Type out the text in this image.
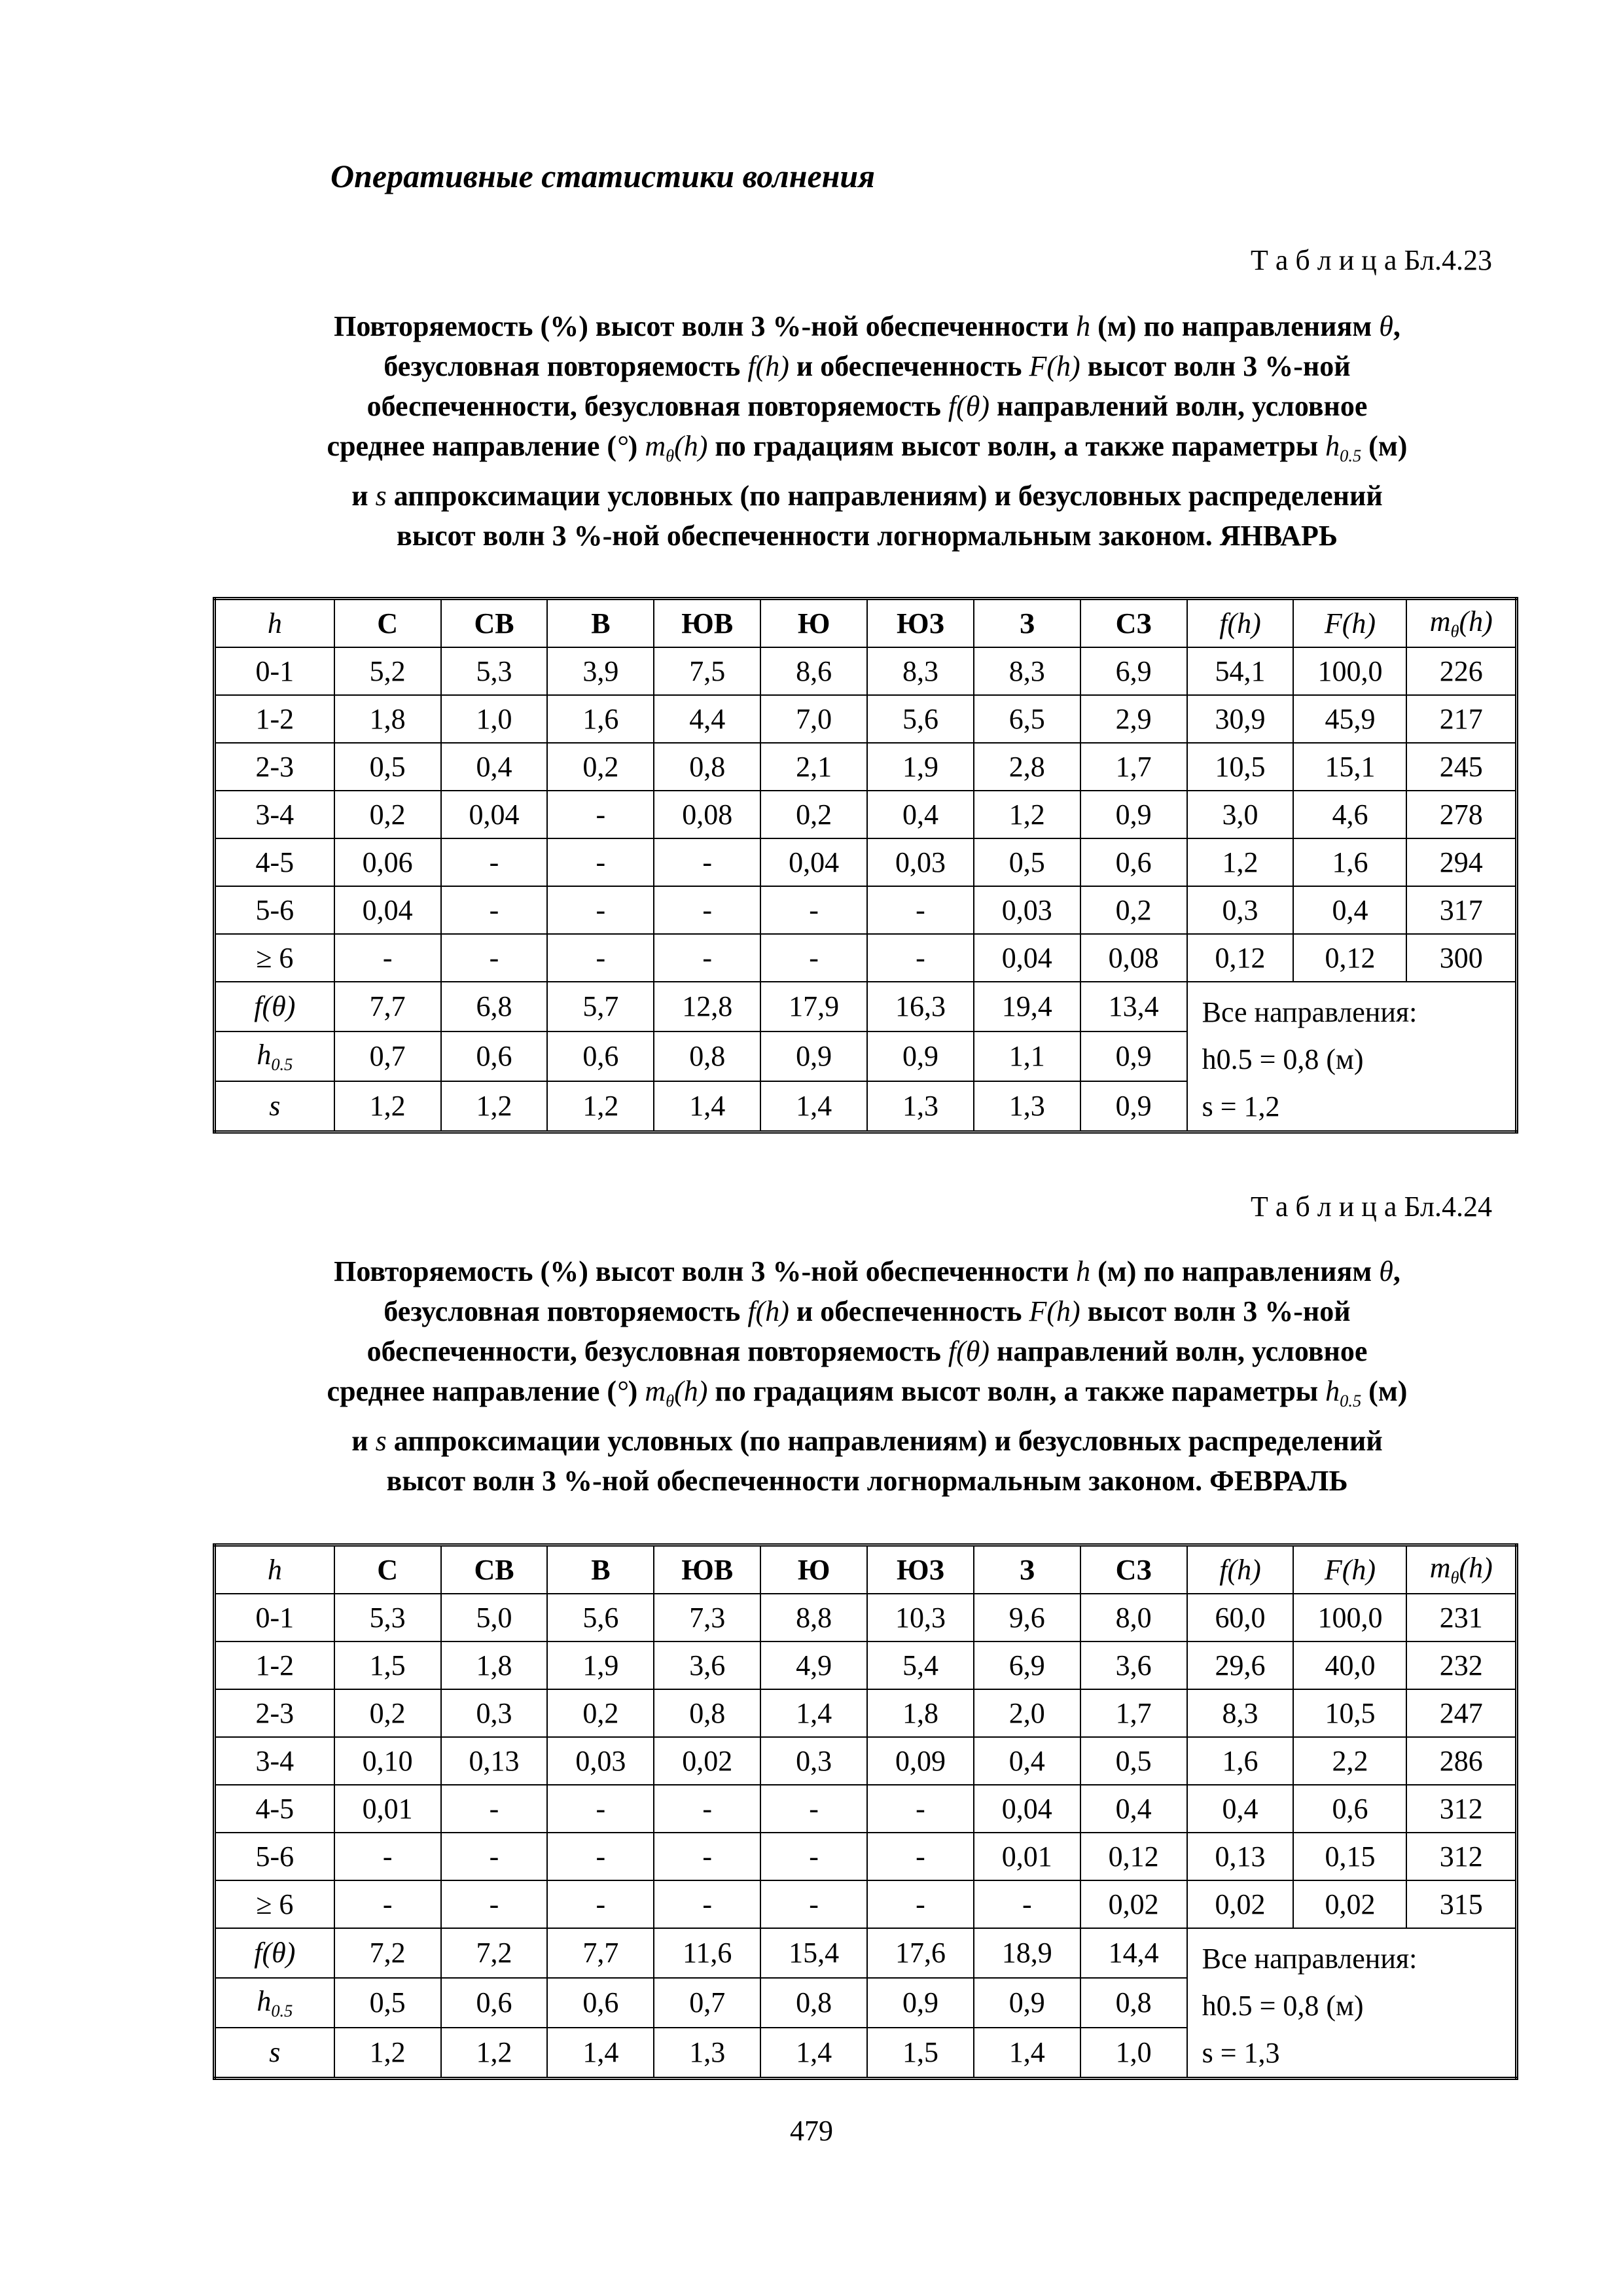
Оперативные статистики волнения
Т а б л и ц а Бл.4.23
Повторяемость (%) высот волн 3 %-ной обеспеченности h (м) по направлениям θ,
безусловная повторяемость f(h) и обеспеченность F(h) высот волн 3 %-ной
обеспеченности, безусловная повторяемость f(θ) направлений волн, условное
среднее направление (°) $m_\theta(h)$ по градациям высот волн, а также параметры $h_{0.5}$ (м)
и s аппроксимации условных (по направлениям) и безусловных распределений
высот волн 3 %-ной обеспеченности логнормальным законом. ЯНВАРЬ
h	С	СВ	В	ЮВ	Ю	ЮЗ	З	СЗ	f(h)	F(h)	$m_\theta(h)$
0-1	5,2	5,3	3,9	7,5	8,6	8,3	8,3	6,9	54,1	100,0	226
1-2	1,8	1,0	1,6	4,4	7,0	5,6	6,5	2,9	30,9	45,9	217
2-3	0,5	0,4	0,2	0,8	2,1	1,9	2,8	1,7	10,5	15,1	245
3-4	0,2	0,04	-	0,08	0,2	0,4	1,2	0,9	3,0	4,6	278
4-5	0,06	-	-	-	0,04	0,03	0,5	0,6	1,2	1,6	294
5-6	0,04	-	-	-	-	-	0,03	0,2	0,3	0,4	317
≥ 6	-	-	-	-	-	-	0,04	0,08	0,12	0,12	300
f(θ)	7,7	6,8	5,7	12,8	17,9	16,3	19,4	13,4	Все направления:
h0.5 = 0,8 (м)
s = 1,2		

$h_{0.5}$	0,7	0,6	0,6	0,8	0,9	0,9	1,1	0,9			
s	1,2	1,2	1,2	1,4	1,4	1,3	1,3	0,9			
Т а б л и ц а Бл.4.24
Повторяемость (%) высот волн 3 %-ной обеспеченности h (м) по направлениям θ,
безусловная повторяемость f(h) и обеспеченность F(h) высот волн 3 %-ной
обеспеченности, безусловная повторяемость f(θ) направлений волн, условное
среднее направление (°) $m_\theta(h)$ по градациям высот волн, а также параметры $h_{0.5}$ (м)
и s аппроксимации условных (по направлениям) и безусловных распределений
высот волн 3 %-ной обеспеченности логнормальным законом. ФЕВРАЛЬ
h	С	СВ	В	ЮВ	Ю	ЮЗ	З	СЗ	f(h)	F(h)	$m_\theta(h)$
0-1	5,3	5,0	5,6	7,3	8,8	10,3	9,6	8,0	60,0	100,0	231
1-2	1,5	1,8	1,9	3,6	4,9	5,4	6,9	3,6	29,6	40,0	232
2-3	0,2	0,3	0,2	0,8	1,4	1,8	2,0	1,7	8,3	10,5	247
3-4	0,10	0,13	0,03	0,02	0,3	0,09	0,4	0,5	1,6	2,2	286
4-5	0,01	-	-	-	-	-	0,04	0,4	0,4	0,6	312
5-6	-	-	-	-	-	-	0,01	0,12	0,13	0,15	312
≥ 6	-	-	-	-	-	-	-	0,02	0,02	0,02	315
f(θ)	7,2	7,2	7,7	11,6	15,4	17,6	18,9	14,4	Все направления:
h0.5 = 0,8 (м)
s = 1,3		

$h_{0.5}$	0,5	0,6	0,6	0,7	0,8	0,9	0,9	0,8			
s	1,2	1,2	1,4	1,3	1,4	1,5	1,4	1,0			
479
